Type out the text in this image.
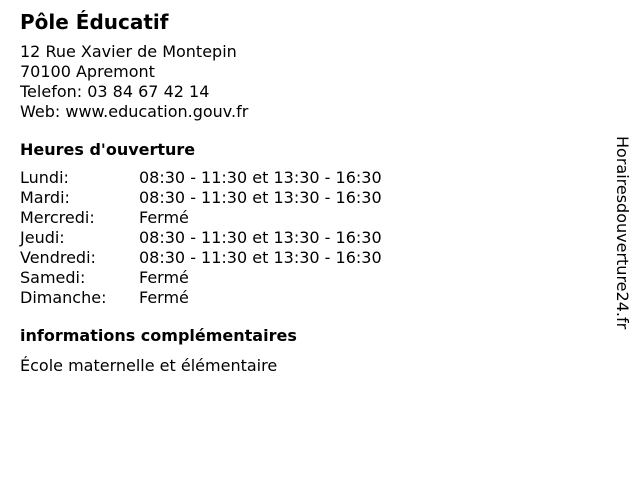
Pôle Éducatif
12 Rue Xavier de Montepin
70100 Apremont
Telefon: 03 84 67 42 14
Web: www.education.gouv.fr
Heures d'ouverture
Lundi:	08:30 - 11:30 et 13:30 - 16:30
Mardi:	08:30 - 11:30 et 13:30 - 16:30
Mercredi:	Fermé
Jeudi:	08:30 - 11:30 et 13:30 - 16:30
Vendredi:	08:30 - 11:30 et 13:30 - 16:30
Samedi:	Fermé
Dimanche:	Fermé
informations complémentaires
École maternelle et élémentaire
Horairesdouverture24.fr
